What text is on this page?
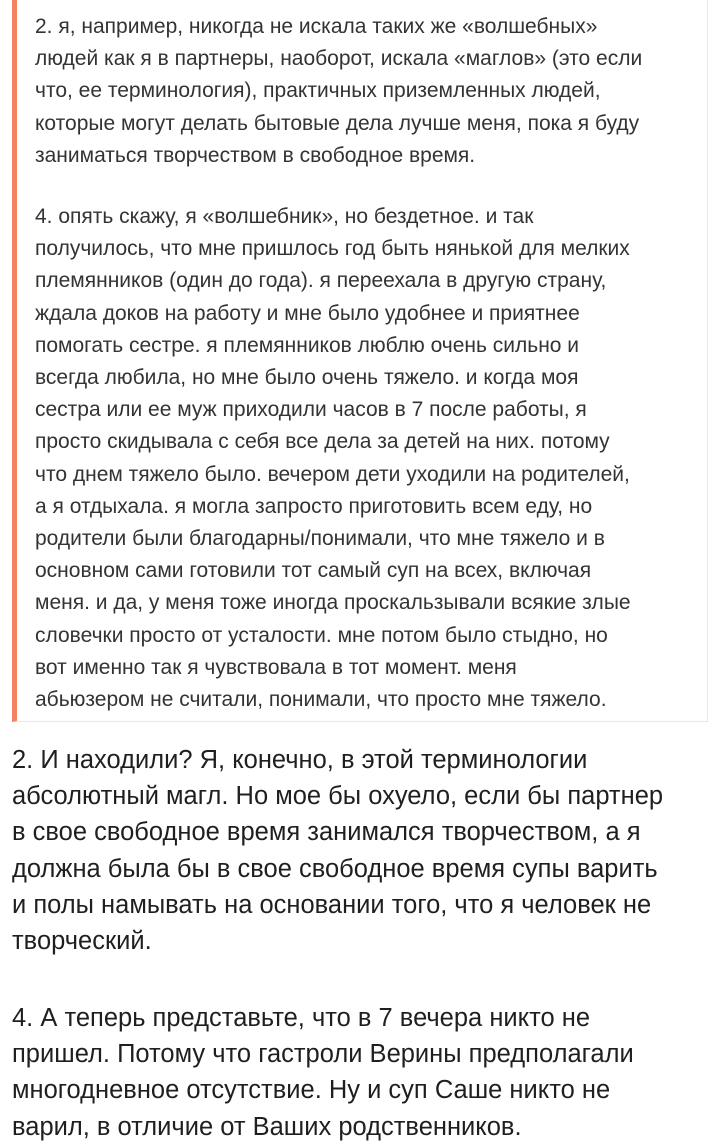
2. я, например, никогда не искала таких же «волшебных»
людей как я в партнеры, наоборот, искала «маглов» (это если
что, ее терминология), практичных приземленных людей,
которые могут делать бытовые дела лучше меня, пока я буду
заниматься творчеством в свободное время.

4. опять скажу, я «волшебник», но бездетное. и так
получилось, что мне пришлось год быть нянькой для мелких
племянников (один до года). я переехала в другую страну,
ждала доков на работу и мне было удобнее и приятнее
помогать сестре. я племянников люблю очень сильно и
всегда любила, но мне было очень тяжело. и когда моя
сестра или ее муж приходили часов в 7 после работы, я
просто скидывала с себя все дела за детей на них. потому
что днем тяжело было. вечером дети уходили на родителей,
а я отдыхала. я могла запросто приготовить всем еду, но
родители были благодарны/понимали, что мне тяжело и в
основном сами готовили тот самый суп на всех, включая
меня. и да, у меня тоже иногда проскальзывали всякие злые
словечки просто от усталости. мне потом было стыдно, но
вот именно так я чувствовала в тот момент. меня
абьюзером не считали, понимали, что просто мне тяжело.

2. И находили? Я, конечно, в этой терминологии
абсолютный магл. Но мое бы охуело, если бы партнер
в свое свободное время занимался творчеством, а я
должна была бы в свое свободное время супы варить
и полы намывать на основании того, что я человек не
творческий.

4. А теперь представьте, что в 7 вечера никто не
пришел. Потому что гастроли Верины предполагали
многодневное отсутствие. Ну и суп Саше никто не
варил, в отличие от Ваших родственников.
